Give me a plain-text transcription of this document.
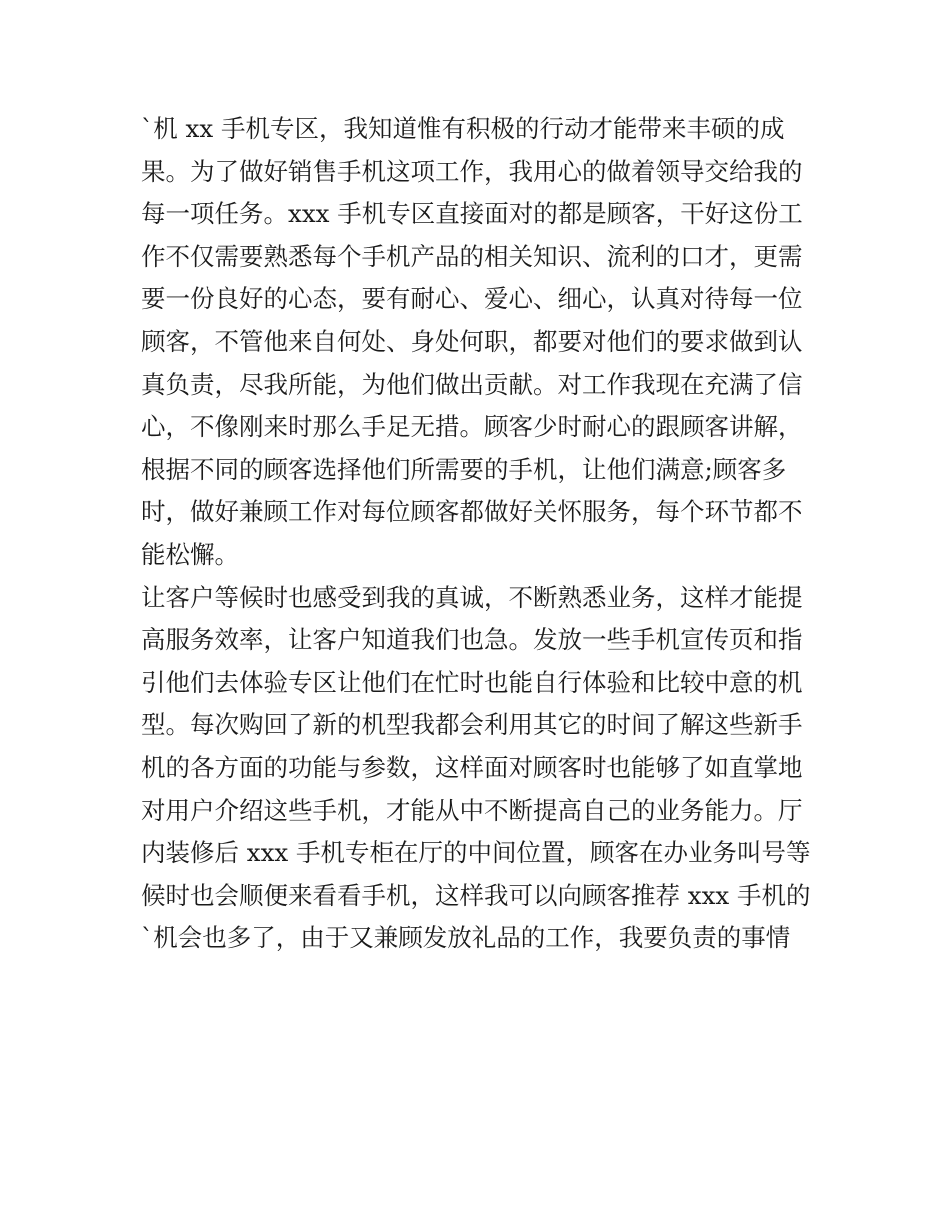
`机 xx 手机专区，我知道惟有积极的行动才能带来丰硕的成
果。为了做好销售手机这项工作，我用心的做着领导交给我的
每一项任务。xxx 手机专区直接面对的都是顾客，干好这份工
作不仅需要熟悉每个手机产品的相关知识、流利的口才，更需
要一份良好的心态，要有耐心、爱心、细心，认真对待每一位
顾客，不管他来自何处、身处何职，都要对他们的要求做到认
真负责，尽我所能，为他们做出贡献。对工作我现在充满了信
心，不像刚来时那么手足无措。顾客少时耐心的跟顾客讲解，
根据不同的顾客选择他们所需要的手机，让他们满意;顾客多
时，做好兼顾工作对每位顾客都做好关怀服务，每个环节都不
能松懈。
让客户等候时也感受到我的真诚，不断熟悉业务，这样才能提
高服务效率，让客户知道我们也急。发放一些手机宣传页和指
引他们去体验专区让他们在忙时也能自行体验和比较中意的机
型。每次购回了新的机型我都会利用其它的时间了解这些新手
机的各方面的功能与参数，这样面对顾客时也能够了如直掌地
对用户介绍这些手机，才能从中不断提高自己的业务能力。厅
内装修后 xxx 手机专柜在厅的中间位置，顾客在办业务叫号等
候时也会顺便来看看手机，这样我可以向顾客推荐 xxx 手机的
`机会也多了，由于又兼顾发放礼品的工作，我要负责的事情
